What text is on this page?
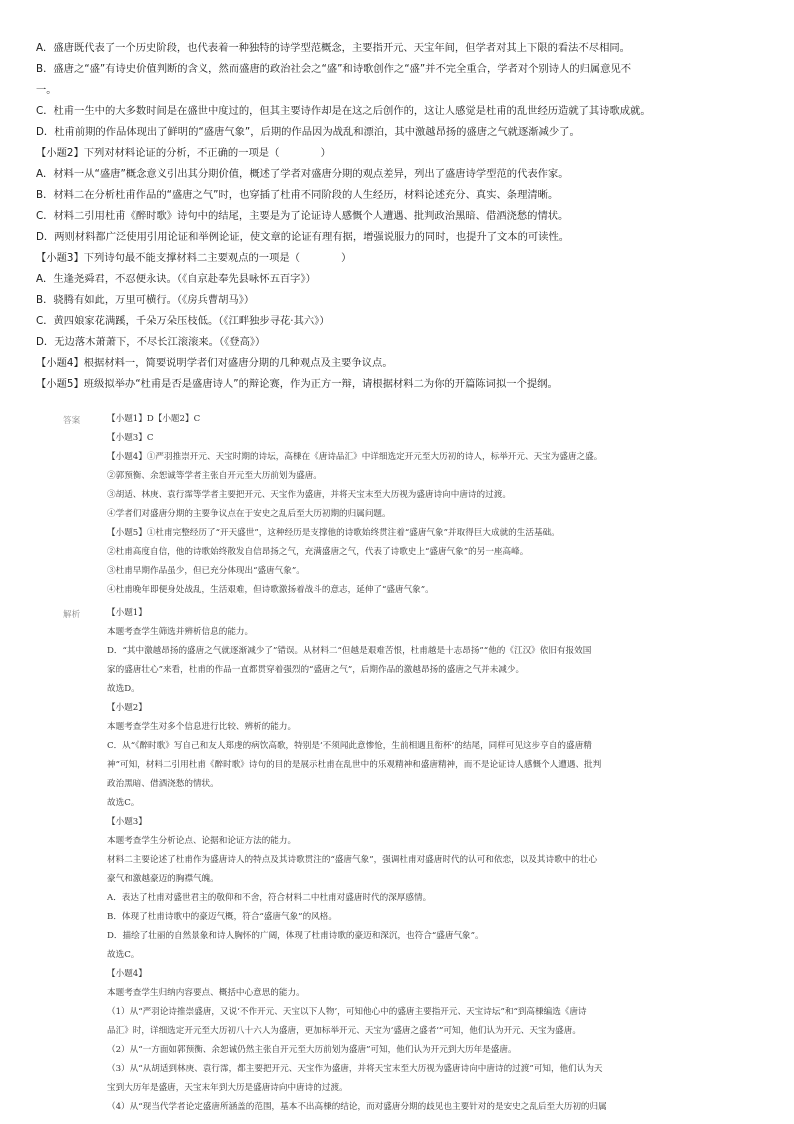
A．盛唐既代表了一个历史阶段，也代表着一种独特的诗学型范概念，主要指开元、天宝年间，但学者对其上下限的看法不尽相同。
B．盛唐之“盛”有诗史价值判断的含义，然而盛唐的政治社会之“盛”和诗歌创作之“盛”并不完全重合，学者对个别诗人的归属意见不
一。
C．杜甫一生中的大多数时间是在盛世中度过的，但其主要诗作却是在这之后创作的，这让人感觉是杜甫的乱世经历造就了其诗歌成就。
D．杜甫前期的作品体现出了鲜明的“盛唐气象”，后期的作品因为战乱和漂泊，其中激越昂扬的盛唐之气就逐渐减少了。
【小题2】下列对材料论证的分析，不正确的一项是（　　　　）
A．材料一从“盛唐”概念意义引出其分期价值，概述了学者对盛唐分期的观点差异，列出了盛唐诗学型范的代表作家。
B．材料二在分析杜甫作品的“盛唐之气”时，也穿插了杜甫不同阶段的人生经历，材料论述充分、真实、条理清晰。
C．材料二引用杜甫《醉时歌》诗句中的结尾，主要是为了论证诗人感慨个人遭遇、批判政治黑暗、借酒浇愁的情状。
D．两则材料都广泛使用引用论证和举例论证，使文章的论证有理有据，增强说服力的同时，也提升了文本的可读性。
【小题3】下列诗句最不能支撑材料二主要观点的一项是（　　　　）
A．生逢尧舜君，不忍便永诀。（《自京赴奉先县咏怀五百字》）
B．骁腾有如此，万里可横行。（《房兵曹胡马》）
C．黄四娘家花满蹊，千朵万朵压枝低。（《江畔独步寻花·其六》）
D．无边落木萧萧下，不尽长江滚滚来。（《登高》）
【小题4】根据材料一，简要说明学者们对盛唐分期的几种观点及主要争议点。
【小题5】班级拟举办“杜甫是否是盛唐诗人”的辩论赛，作为正方一辩，请根据材料二为你的开篇陈词拟一个提纲。
答案	【小题1】D【小题2】C
【小题3】C
【小题4】①严羽推崇开元、天宝时期的诗坛，高棅在《唐诗品汇》中详细选定开元至大历初的诗人，标举开元、天宝为盛唐之盛。
②郭预衡、余恕诚等学者主张自开元至大历前划为盛唐。
③胡适、林庚、袁行霈等学者主要把开元、天宝作为盛唐，并将天宝末至大历视为盛唐诗向中唐诗的过渡。
④学者们对盛唐分期的主要争议点在于安史之乱后至大历初期的归属问题。
【小题5】①杜甫完整经历了“开天盛世”，这种经历是支撑他的诗歌始终贯注着“盛唐气象”并取得巨大成就的生活基础。
②杜甫高度自信，他的诗歌始终散发自信昂扬之气，充满盛唐之气，代表了诗歌史上“盛唐气象”的另一座高峰。
③杜甫早期作品虽少，但已充分体现出“盛唐气象”。
④杜甫晚年即便身处战乱，生活艰难，但诗歌激扬着战斗的意志，延伸了“盛唐气象”。
解析	【小题1】
本题考查学生筛选并辨析信息的能力。
D．“其中激越昂扬的盛唐之气就逐渐减少了”错误。从材料二“但越是艰难苦恨，杜甫越是十志昂扬”“他的《江汉》依旧有报效国
家的盛唐壮心”来看，杜甫的作品一直都贯穿着强烈的“盛唐之气”，后期作品的激越昂扬的盛唐之气并未减少。
故选D。
【小题2】
本题考查学生对多个信息进行比较、辨析的能力。
C．从“《醉时歌》写自己和友人郑虔的病饮高歌，特别是‘不须闻此意惨怆，生前相遇且衔杯’的结尾，同样可见这步亨自的盛唐精
神”可知，材料二引用杜甫《醉时歌》诗句的目的是展示杜甫在乱世中的乐观精神和盛唐精神，而不是论证诗人感慨个人遭遇、批判
政治黑暗、借酒浇愁的情状。
故选C。
【小题3】
本题考查学生分析论点、论据和论证方法的能力。
材料二主要论述了杜甫作为盛唐诗人的特点及其诗歌贯注的“盛唐气象”，强调杜甫对盛唐时代的认可和依恋，以及其诗歌中的壮心
豪气和激越豪迈的胸襟气魄。
A．表达了杜甫对盛世君主的敬仰和不舍，符合材料二中杜甫对盛唐时代的深厚感情。
B．体现了杜甫诗歌中的豪迈气概，符合“盛唐气象”的风格。
D．描绘了壮丽的自然景象和诗人胸怀的广阔，体现了杜甫诗歌的豪迈和深沉，也符合“盛唐气象”。
故选C。
【小题4】
本题考查学生归纳内容要点、概括中心意思的能力。
（1）从“严羽论诗推崇盛唐，又说‘不作开元、天宝以下人物’，可知他心中的盛唐主要指开元、天宝诗坛”和“到高棅编选《唐诗
品汇》时，详细选定开元至大历初八十六人为盛唐，更加标举开元、天宝为‘盛唐之盛者’”可知，他们认为开元、天宝为盛唐。
（2）从“一方面如郭预衡、余恕诚仍然主张自开元至大历前划为盛唐”可知，他们认为开元到大历年是盛唐。
（3）从“从胡适到林庚、袁行霈，都主要把开元、天宝作为盛唐，并将天宝末至大历视为盛唐诗向中唐诗的过渡”可知，他们认为天
宝到大历年是盛唐，天宝末年到大历是盛唐诗向中唐诗的过渡。
（4）从“现当代学者论定盛唐所涵盖的范围，基本不出高棅的结论，而对盛唐分期的歧见也主要针对的是安史之乱后至大历初的归属
